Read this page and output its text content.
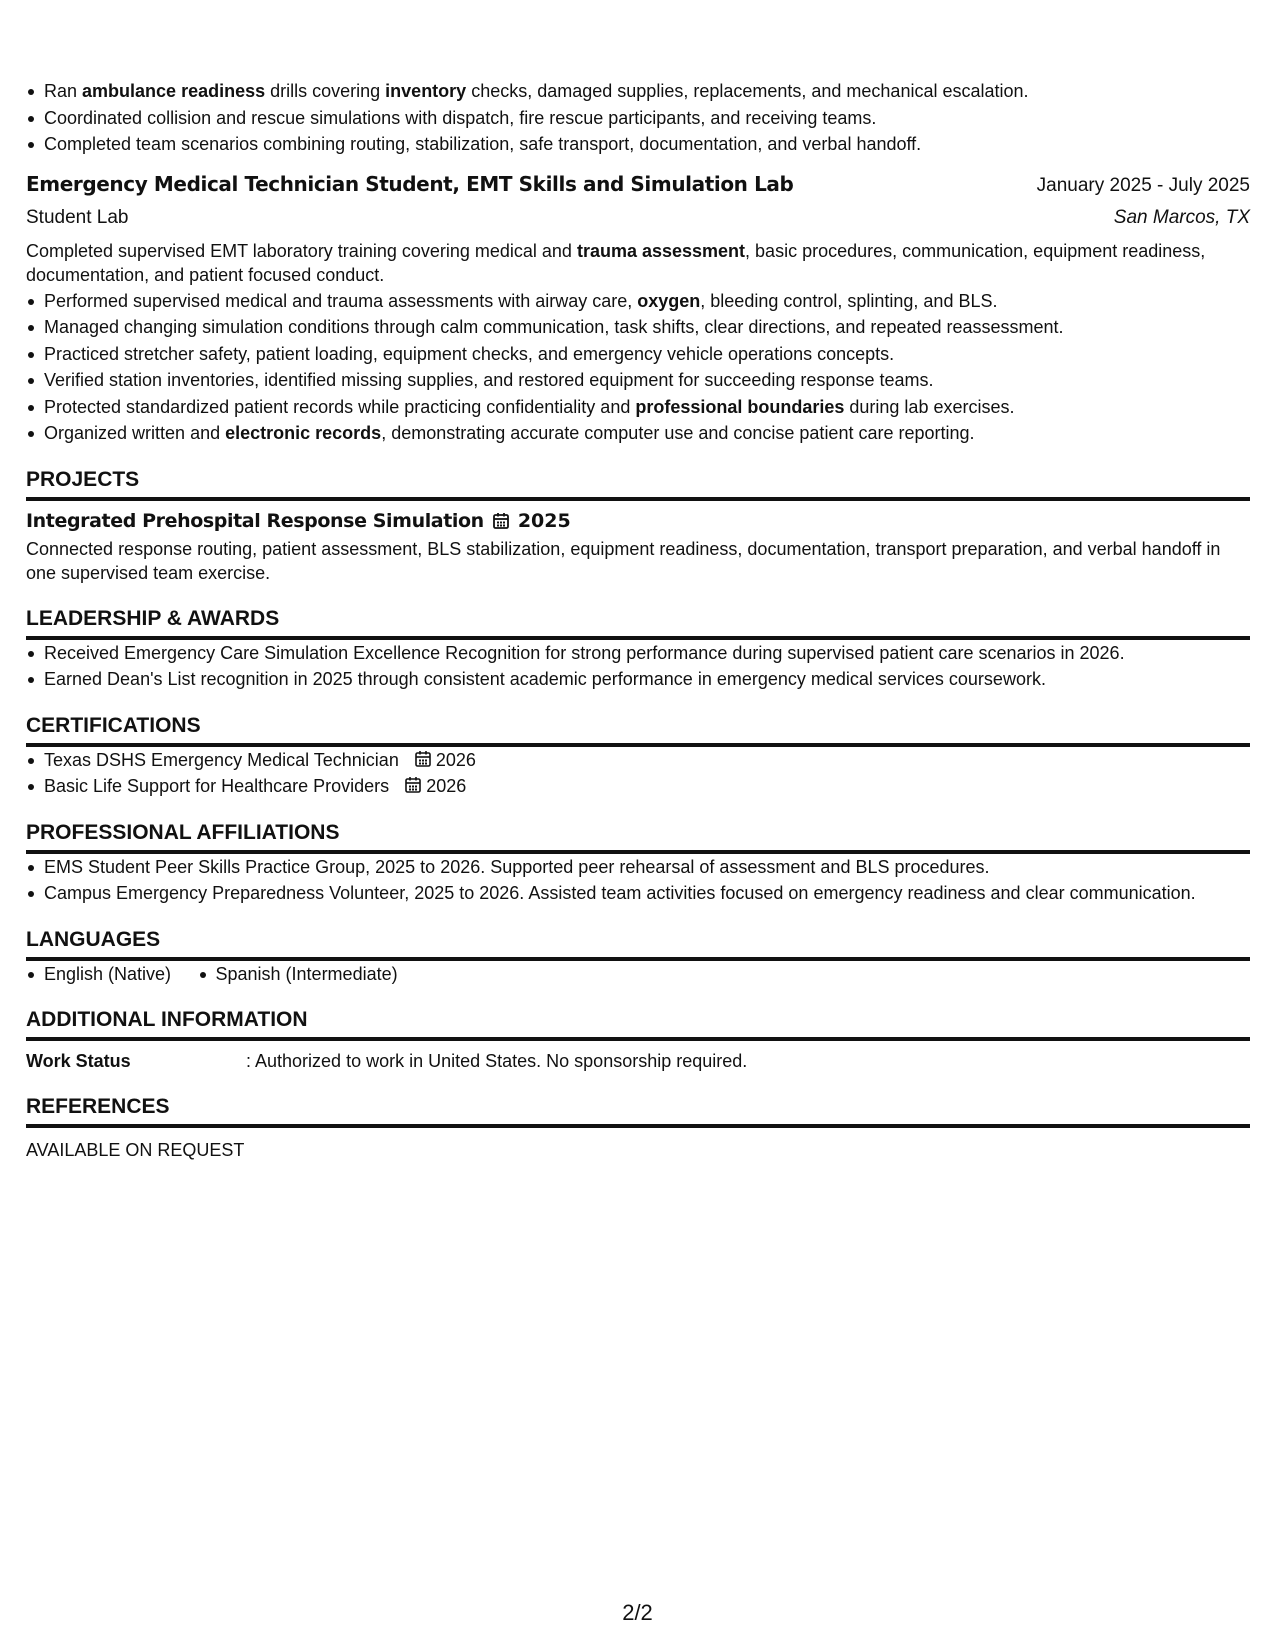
Ran ambulance readiness drills covering inventory checks, damaged supplies, replacements, and mechanical escalation.
Coordinated collision and rescue simulations with dispatch, fire rescue participants, and receiving teams.
Completed team scenarios combining routing, stabilization, safe transport, documentation, and verbal handoff.
Emergency Medical Technician Student, EMT Skills and Simulation Lab	January 2025 - July 2025
Student Lab	San Marcos, TX
Completed supervised EMT laboratory training covering medical and trauma assessment, basic procedures, communication, equipment readiness, documentation, and patient focused conduct.
Performed supervised medical and trauma assessments with airway care, oxygen, bleeding control, splinting, and BLS.
Managed changing simulation conditions through calm communication, task shifts, clear directions, and repeated reassessment.
Practiced stretcher safety, patient loading, equipment checks, and emergency vehicle operations concepts.
Verified station inventories, identified missing supplies, and restored equipment for succeeding response teams.
Protected standardized patient records while practicing confidentiality and professional boundaries during lab exercises.
Organized written and electronic records, demonstrating accurate computer use and concise patient care reporting.
PROJECTS
Integrated Prehospital Response Simulation 2025
Connected response routing, patient assessment, BLS stabilization, equipment readiness, documentation, transport preparation, and verbal handoff in one supervised team exercise.
LEADERSHIP & AWARDS
Received Emergency Care Simulation Excellence Recognition for strong performance during supervised patient care scenarios in 2026.
Earned Dean's List recognition in 2025 through consistent academic performance in emergency medical services coursework.
CERTIFICATIONS
Texas DSHS Emergency Medical Technician 2026
Basic Life Support for Healthcare Providers 2026
PROFESSIONAL AFFILIATIONS
EMS Student Peer Skills Practice Group, 2025 to 2026. Supported peer rehearsal of assessment and BLS procedures.
Campus Emergency Preparedness Volunteer, 2025 to 2026. Assisted team activities focused on emergency readiness and clear communication.
LANGUAGES
English (Native) Spanish (Intermediate)
ADDITIONAL INFORMATION
Work Status	: Authorized to work in United States. No sponsorship required.
REFERENCES
AVAILABLE ON REQUEST
2/2
